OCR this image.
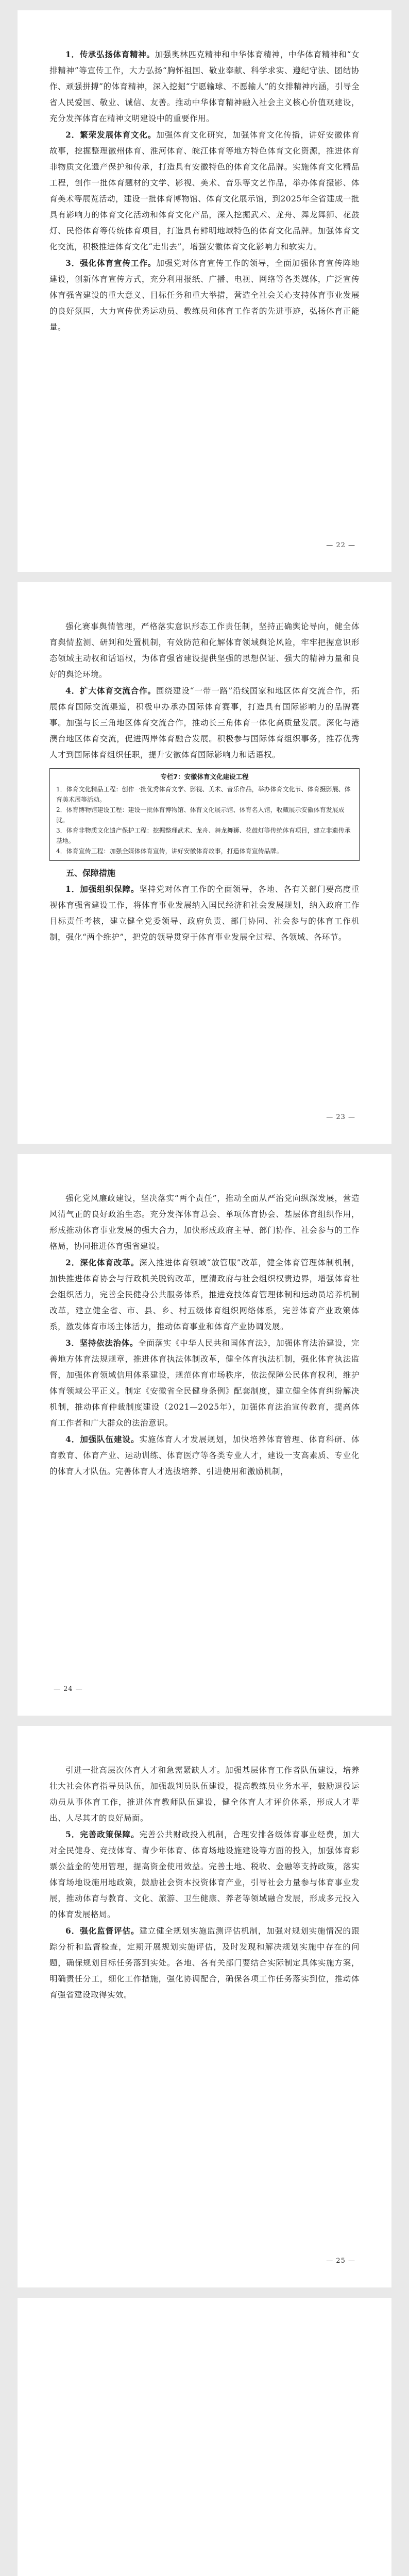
1．传承弘扬体育精神。加强奥林匹克精神和中华体育精神，中华体育精神和“女排精神”等宣传工作，大力弘扬“胸怀祖国、敬业奉献、科学求实、遵纪守法、团结协作、顽强拼搏”的体育精神，深入挖掘“宁愿输球、不愿输人”的女排精神内涵，引导全省人民爱国、敬业、诚信、友善。推动中华体育精神融入社会主义核心价值观建设，充分发挥体育在精神文明建设中的重要作用。

2．繁荣发展体育文化。加强体育文化研究，加强体育文化传播，讲好安徽体育故事，挖掘整理徽州体育、淮河体育、皖江体育等地方特色体育文化资源，推进体育非物质文化遗产保护和传承，打造具有安徽特色的体育文化品牌。实施体育文化精品工程，创作一批体育题材的文学、影视、美术、音乐等文艺作品，举办体育摄影、体育美术等展览活动，建设一批体育博物馆、体育文化展示馆，到2025年全省建成一批具有影响力的体育文化活动和体育文化产品，深入挖掘武术、龙舟、舞龙舞狮、花鼓灯、民俗体育等传统体育项目，打造具有鲜明地域特色的体育文化品牌。加强体育文化交流，积极推进体育文化“走出去”，增强安徽体育文化影响力和软实力。

3．强化体育宣传工作。加强党对体育宣传工作的领导，全面加强体育宣传阵地建设，创新体育宣传方式，充分利用报纸、广播、电视、网络等各类媒体，广泛宣传体育强省建设的重大意义、目标任务和重大举措，营造全社会关心支持体育事业发展的良好氛围，大力宣传优秀运动员、教练员和体育工作者的先进事迹，弘扬体育正能量。

— 22 —

强化赛事舆情管理，严格落实意识形态工作责任制，坚持正确舆论导向，健全体育舆情监测、研判和处置机制，有效防范和化解体育领域舆论风险，牢牢把握意识形态领域主动权和话语权，为体育强省建设提供坚强的思想保证、强大的精神力量和良好的舆论环境。

4．扩大体育交流合作。围绕建设“一带一路”沿线国家和地区体育交流合作，拓展体育国际交流渠道，积极申办承办国际体育赛事，打造具有国际影响力的品牌赛事。加强与长三角地区体育交流合作，推动长三角体育一体化高质量发展。深化与港澳台地区体育交流，促进两岸体育融合发展。积极参与国际体育组织事务，推荐优秀人才到国际体育组织任职，提升安徽体育国际影响力和话语权。

专栏7：安徽体育文化建设工程

1．体育文化精品工程：创作一批优秀体育文学、影视、美术、音乐作品，举办体育文化节、体育摄影展、体育美术展等活动。

2．体育博物馆建设工程：建设一批体育博物馆、体育文化展示馆、体育名人馆，收藏展示安徽体育发展成就。

3．体育非物质文化遗产保护工程：挖掘整理武术、龙舟、舞龙舞狮、花鼓灯等传统体育项目，建立非遗传承基地。

4．体育宣传工程：加强全媒体体育宣传，讲好安徽体育故事，打造体育宣传品牌。

五、保障措施

1．加强组织保障。坚持党对体育工作的全面领导，各地、各有关部门要高度重视体育强省建设工作，将体育事业发展纳入国民经济和社会发展规划，纳入政府工作目标责任考核，建立健全党委领导、政府负责、部门协同、社会参与的体育工作机制，强化“两个维护”，把党的领导贯穿于体育事业发展全过程、各领域、各环节。

— 23 —

强化党风廉政建设，坚决落实“两个责任”，推动全面从严治党向纵深发展，营造风清气正的良好政治生态。充分发挥体育总会、单项体育协会、基层体育组织作用，形成推动体育事业发展的强大合力，加快形成政府主导、部门协作、社会参与的工作格局，协同推进体育强省建设。

2．深化体育改革。深入推进体育领域“放管服”改革，健全体育管理体制机制，加快推进体育协会与行政机关脱钩改革，厘清政府与社会组织权责边界，增强体育社会组织活力，完善全民健身公共服务体系，推进竞技体育管理体制和运动员培养机制改革，建立健全省、市、县、乡、村五级体育组织网络体系，完善体育产业政策体系，激发体育市场主体活力，推动体育事业和体育产业协调发展。

3．坚持依法治体。全面落实《中华人民共和国体育法》，加强体育法治建设，完善地方体育法规规章，推进体育执法体制改革，健全体育执法机制，强化体育执法监督，加强体育领域信用体系建设，规范体育市场秩序，依法保障公民体育权利，维护体育领域公平正义。制定《安徽省全民健身条例》配套制度，建立健全体育纠纷解决机制，推动体育仲裁制度建设（2021—2025年），加强体育法治宣传教育，提高体育工作者和广大群众的法治意识。

4．加强队伍建设。实施体育人才发展规划，加快培养体育管理、体育科研、体育教育、体育产业、运动训练、体育医疗等各类专业人才，建设一支高素质、专业化的体育人才队伍。完善体育人才选拔培养、引进使用和激励机制，

— 24 —

引进一批高层次体育人才和急需紧缺人才。加强基层体育工作者队伍建设，培养壮大社会体育指导员队伍，加强裁判员队伍建设，提高教练员业务水平，鼓励退役运动员从事体育工作，推进体育教师队伍建设，健全体育人才评价体系，形成人才辈出、人尽其才的良好局面。

5．完善政策保障。完善公共财政投入机制，合理安排各级体育事业经费，加大对全民健身、竞技体育、青少年体育、体育场地设施建设等方面的投入，加强体育彩票公益金的使用管理，提高资金使用效益。完善土地、税收、金融等支持政策，落实体育场地设施用地政策，鼓励社会资本投资体育产业，引导社会力量参与体育事业发展，推动体育与教育、文化、旅游、卫生健康、养老等领域融合发展，形成多元投入的体育发展格局。

6．强化监督评估。建立健全规划实施监测评估机制，加强对规划实施情况的跟踪分析和监督检查，定期开展规划实施评估，及时发现和解决规划实施中存在的问题，确保规划目标任务落到实处。各地、各有关部门要结合实际制定具体实施方案，明确责任分工，细化工作措施，强化协调配合，确保各项工作任务落实到位，推动体育强省建设取得实效。

— 25 —
